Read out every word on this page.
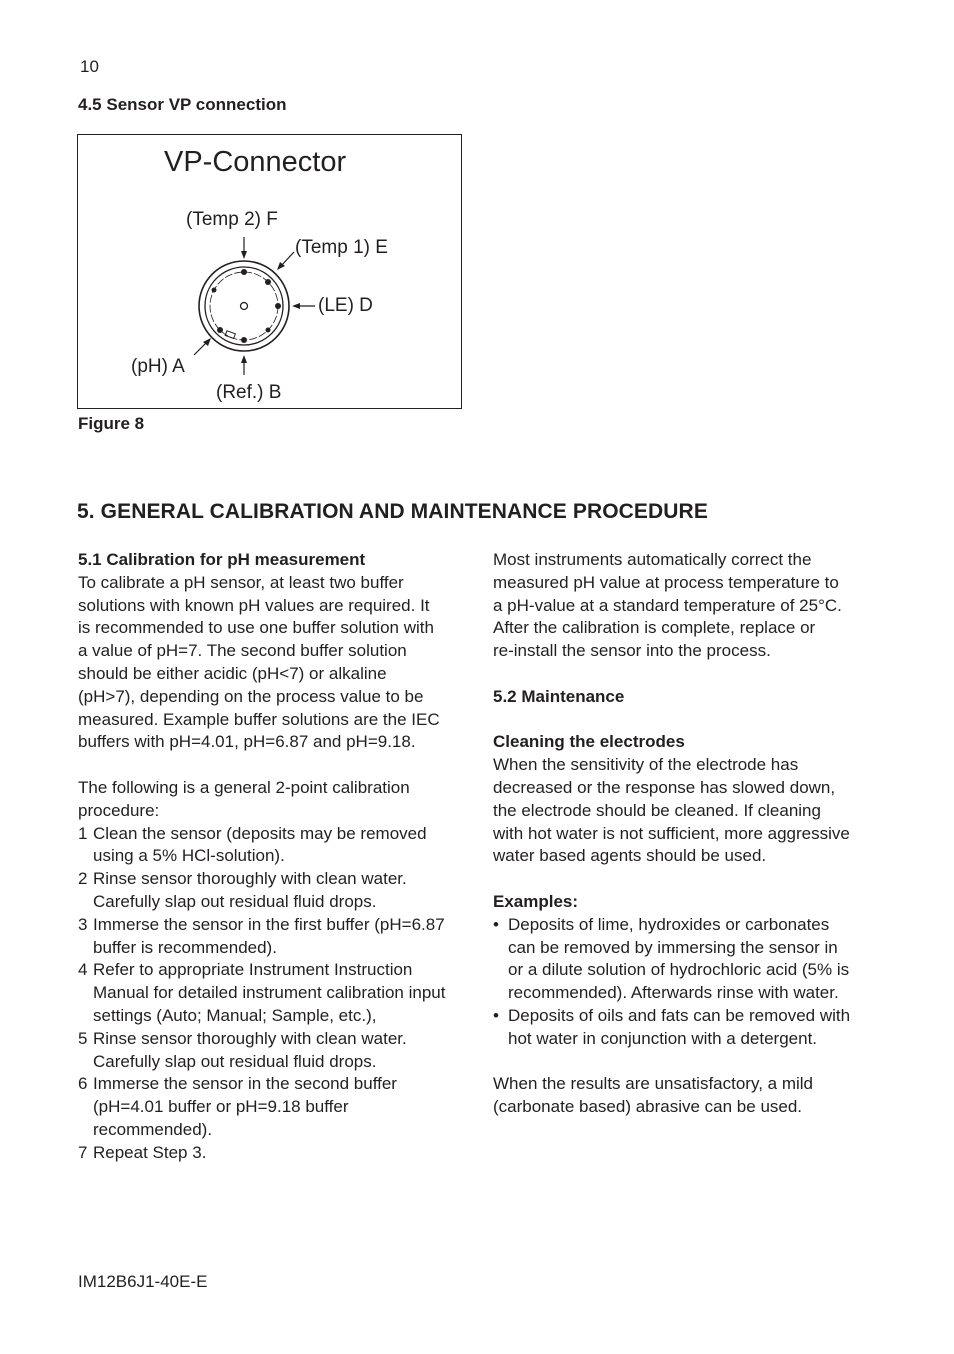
10
4.5 Sensor VP connection
VP-Connector
(Temp 2) F
(Temp 1) E
(LE) D
(pH) A
(Ref.) B
Figure 8
5. GENERAL CALIBRATION AND MAINTENANCE PROCEDURE

5.1 Calibration for pH measurement

To calibrate a pH sensor, at least two buffer

solutions with known pH values are required. It

is recommended to use one buffer solution with

a value of pH=7. The second buffer solution

should be either acidic (pH<7) or alkaline

(pH>7), depending on the process value to be

measured. Example buffer solutions are the IEC

buffers with pH=4.01, pH=6.87 and pH=9.18.

The following is a general 2-point calibration

procedure:

1 Clean the sensor (deposits may be removed

using a 5% HCl-solution).

2 Rinse sensor thoroughly with clean water.

Carefully slap out residual fluid drops.

3 Immerse the sensor in the first buffer (pH=6.87

buffer is recommended).

4 Refer to appropriate Instrument Instruction

Manual for detailed instrument calibration input

settings (Auto; Manual; Sample, etc.),

5 Rinse sensor thoroughly with clean water.

Carefully slap out residual fluid drops.

6 Immerse the sensor in the second buffer

(pH=4.01 buffer or pH=9.18 buffer

recommended).

7 Repeat Step 3.

Most instruments automatically correct the

measured pH value at process temperature to

a pH-value at a standard temperature of 25°C.

After the calibration is complete, replace or

re-install the sensor into the process.

5.2 Maintenance

Cleaning the electrodes

When the sensitivity of the electrode has

decreased or the response has slowed down,

the electrode should be cleaned. If cleaning

with hot water is not sufficient, more aggressive

water based agents should be used.

Examples:

• Deposits of lime, hydroxides or carbonates

can be removed by immersing the sensor in

or a dilute solution of hydrochloric acid (5% is

recommended). Afterwards rinse with water.

• Deposits of oils and fats can be removed with

hot water in conjunction with a detergent.

When the results are unsatisfactory, a mild

(carbonate based) abrasive can be used.

IM12B6J1-40E-E
